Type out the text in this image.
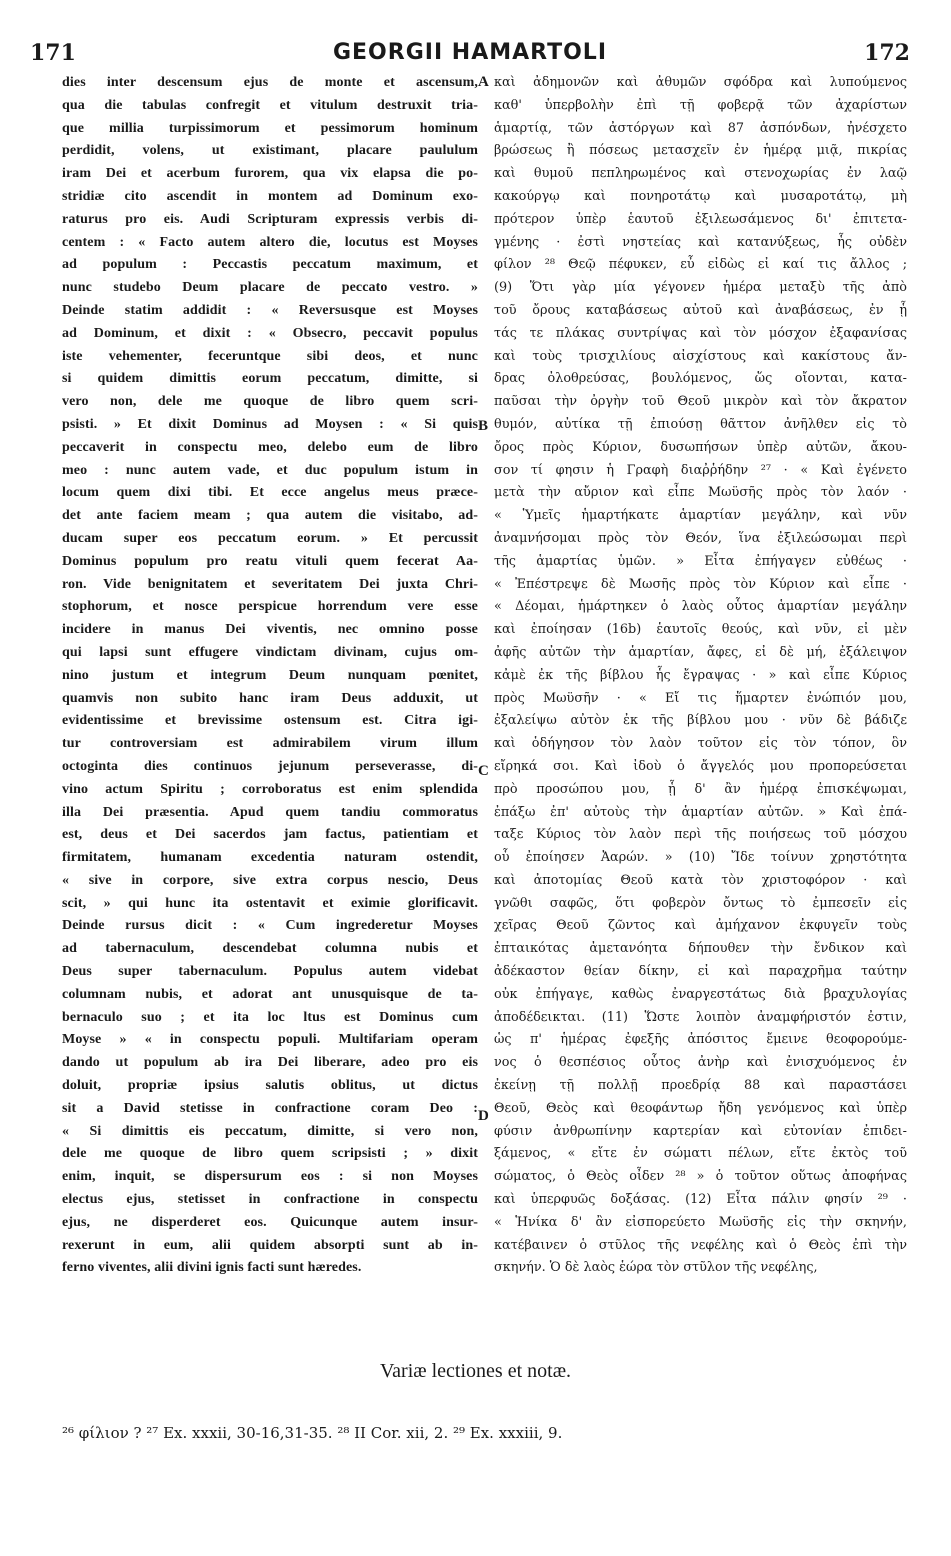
171	GEORGII HAMARTOLI	172
dies inter descensum ejus de monte et ascensum,
qua die tabulas confregit et vitulum destruxit tria-
que millia turpissimorum et pessimorum hominum
perdidit, volens, ut existimant, placare paululum
iram Dei et acerbum furorem, qua vix elapsa die po-
stridiæ cito ascendit in montem ad Dominum exo-
raturus pro eis. Audi Scripturam expressis verbis di-
centem : « Facto autem altero die, locutus est Moyses
ad populum : Peccastis peccatum maximum, et
nunc studebo Deum placare de peccato vestro. »
Deinde statim addidit : « Reversusque est Moyses
ad Dominum, et dixit : « Obsecro, peccavit populus
iste vehementer, feceruntque sibi deos, et nunc
si quidem dimittis eorum peccatum, dimitte, si
vero non, dele me quoque de libro quem scri-
psisti. » Et dixit Dominus ad Moysen : « Si quis
peccaverit in conspectu meo, delebo eum de libro
meo : nunc autem vade, et duc populum istum in
locum quem dixi tibi. Et ecce angelus meus præce-
det ante faciem meam ; qua autem die visitabo, ad-
ducam super eos peccatum eorum. » Et percussit
Dominus populum pro reatu vituli quem fecerat Aa-
ron. Vide benignitatem et severitatem Dei juxta Chri-
stophorum, et nosce perspicue horrendum vere esse
incidere in manus Dei viventis, nec omnino posse
qui lapsi sunt effugere vindictam divinam, cujus om-
nino justum et integrum Deum nunquam pœnitet,
quamvis non subito hanc iram Deus adduxit, ut
evidentissime et brevissime ostensum est. Citra igi-
tur controversiam est admirabilem virum illum
octoginta dies continuos jejunum perseverasse, di-
vino actum Spiritu ; corroboratus est enim splendida
illa Dei præsentia. Apud quem tandiu commoratus
est, deus et Dei sacerdos jam factus, patientiam et
firmitatem, humanam excedentia naturam ostendit,
« sive in corpore, sive extra corpus nescio, Deus
scit, » qui hunc ita ostentavit et eximie glorificavit.
Deinde rursus dicit : « Cum ingrederetur Moyses
ad tabernaculum, descendebat columna nubis et
Deus super tabernaculum. Populus autem videbat
columnam nubis, et adorat ant unusquisque de ta-
bernaculo suo ; et ita loc ltus est Dominus cum
Moyse » « in conspectu populi. Multifariam operam
dando ut populum ab ira Dei liberare, adeo pro eis
doluit, propriæ ipsius salutis oblitus, ut dictus
sit a David stetisse in confractione coram Deo :
« Si dimittis eis peccatum, dimitte, si vero non,
dele me quoque de libro quem scripsisti ; » dixit
enim, inquit, se dispersurum eos : si non Moyses
electus ejus, stetisset in confractione in conspectu
ejus, ne disperderet eos. Quicunque autem insur-
rexerunt in eum, alii quidem absorpti sunt ab in-
ferno viventes, alii divini ignis facti sunt hæredes.
A
B
C
D
καὶ ἀδημονῶν καὶ ἀθυμῶν σφόδρα καὶ λυπούμενος
καθ' ὑπερβολὴν ἐπὶ τῇ φοβερᾷ τῶν ἀχαρίστων
ἁμαρτίᾳ, τῶν ἀστόργων καὶ 87 ἀσπόνδων, ἠνέσχετο
βρώσεως ἢ πόσεως μετασχεῖν ἐν ἡμέρᾳ μιᾷ, πικρίας
καὶ θυμοῦ πεπληρωμένος καὶ στενοχωρίας ἐν λαῷ
κακούργῳ καὶ πονηροτάτῳ καὶ μυσαροτάτῳ, μὴ
πρότερον ὑπὲρ ἑαυτοῦ ἐξιλεωσάμενος δι' ἐπιτετα-
γμένης · ἐστὶ νηστείας καὶ κατανύξεως, ἧς οὐδὲν
φίλον ²⁸ Θεῷ πέφυκεν, εὖ εἰδὼς εἰ καί τις ἄλλος ;
(9) Ὅτι γὰρ μία γέγονεν ἡμέρα μεταξὺ τῆς ἀπὸ
τοῦ ὄρους καταβάσεως αὐτοῦ καὶ ἀναβάσεως, ἐν ᾗ
τάς τε πλάκας συντρίψας καὶ τὸν μόσχον ἐξαφανίσας
καὶ τοὺς τρισχιλίους αἰσχίστους καὶ κακίστους ἄν-
δρας ὀλοθρεύσας, βουλόμενος, ὥς οἴονται, κατα-
παῦσαι τὴν ὀργὴν τοῦ Θεοῦ μικρὸν καὶ τὸν ἄκρατον
θυμόν, αὐτίκα τῇ ἐπιούσῃ θᾶττον ἀνῆλθεν εἰς τὸ
ὄρος πρὸς Κύριον, δυσωπήσων ὑπὲρ αὐτῶν, ἄκου-
σον τί φησιν ἡ Γραφὴ διαῤῥήδην ²⁷ · « Καὶ ἐγένετο
μετὰ τὴν αὔριον καὶ εἶπε Μωϋσῆς πρὸς τὸν λαόν ·
« Ὑμεῖς ἡμαρτήκατε ἁμαρτίαν μεγάλην, καὶ νῦν
ἀναμνήσομαι πρὸς τὸν Θεόν, ἵνα ἐξιλεώσωμαι περὶ
τῆς ἁμαρτίας ὑμῶν. » Εἶτα ἐπήγαγεν εὐθέως ·
« Ἐπέστρεψε δὲ Μωσῆς πρὸς τὸν Κύριον καὶ εἶπε ·
« Δέομαι, ἡμάρτηκεν ὁ λαὸς οὗτος ἁμαρτίαν μεγάλην
καὶ ἐποίησαν (16b) ἑαυτοῖς θεούς, καὶ νῦν, εἰ μὲν
ἀφῆς αὐτῶν τὴν ἁμαρτίαν, ἄφες, εἰ δὲ μή, ἐξάλειψον
κἀμὲ ἐκ τῆς βίβλου ἧς ἔγραψας · » καὶ εἶπε Κύριος
πρὸς Μωϋσῆν · « Εἴ τις ἥμαρτεν ἐνώπιόν μου,
ἐξαλείψω αὐτὸν ἐκ τῆς βίβλου μου · νῦν δὲ βάδιζε
καὶ ὁδήγησον τὸν λαὸν τοῦτον εἰς τὸν τόπον, ὃν
εἴρηκά σοι. Καὶ ἰδοὺ ὁ ἄγγελός μου προπορεύσεται
πρὸ προσώπου μου, ᾗ δ' ἂν ἡμέρᾳ ἐπισκέψωμαι,
ἐπάξω ἐπ' αὐτοὺς τὴν ἁμαρτίαν αὐτῶν. » Καὶ ἐπά-
ταξε Κύριος τὸν λαὸν περὶ τῆς ποιήσεως τοῦ μόσχου
οὗ ἐποίησεν Ἀαρών. » (10) Ἴδε τοίνυν χρηστότητα
καὶ ἀποτομίας Θεοῦ κατὰ τὸν χριστοφόρον · καὶ
γνῶθι σαφῶς, ὅτι φοβερὸν ὄντως τὸ ἐμπεσεῖν εἰς
χεῖρας Θεοῦ ζῶντος καὶ ἀμήχανον ἐκφυγεῖν τοὺς
ἐπταικότας ἀμετανόητα δήπουθεν τὴν ἔνδικον καὶ
ἀδέκαστον θείαν δίκην, εἰ καὶ παραχρῆμα ταύτην
οὐκ ἐπήγαγε, καθὼς ἐναργεστάτως διὰ βραχυλογίας
ἀποδέδεικται. (11) Ὥστε λοιπὸν ἀναμφήριστόν ἐστιν,
ὡς π' ἡμέρας ἐφεξῆς ἀπόσιτος ἔμεινε θεοφορούμε-
νος ὁ θεσπέσιος οὗτος ἀνὴρ καὶ ἐνισχυόμενος ἐν
ἐκείνῃ τῇ πολλῇ προεδρίᾳ 88 καὶ παραστάσει
Θεοῦ, Θεὸς καὶ θεοφάντωρ ἤδη γενόμενος καὶ ὑπὲρ
φύσιν ἀνθρωπίνην καρτερίαν καὶ εὐτονίαν ἐπιδει-
ξάμενος, « εἴτε ἐν σώματι πέλων, εἴτε ἐκτὸς τοῦ
σώματος, ὁ Θεὸς οἶδεν ²⁸ » ὁ τοῦτον οὕτως ἀποφήνας
καὶ ὑπερφυῶς δοξάσας. (12) Εἶτα πάλιν φησίν ²⁹ ·
« Ἡνίκα δ' ἂν εἰσπορεύετο Μωϋσῆς εἰς τὴν σκηνήν,
κατέβαινεν ὁ στῦλος τῆς νεφέλης καὶ ὁ Θεὸς ἐπὶ τὴν
σκηνήν. Ὁ δὲ λαὸς ἑώρα τὸν στῦλον τῆς νεφέλης,
Variæ lectiones et notæ.
²⁶ φίλιον ? ²⁷ Ex. xxxii, 30-16,31-35. ²⁸ II Cor. xii, 2. ²⁹ Ex. xxxiii, 9.
